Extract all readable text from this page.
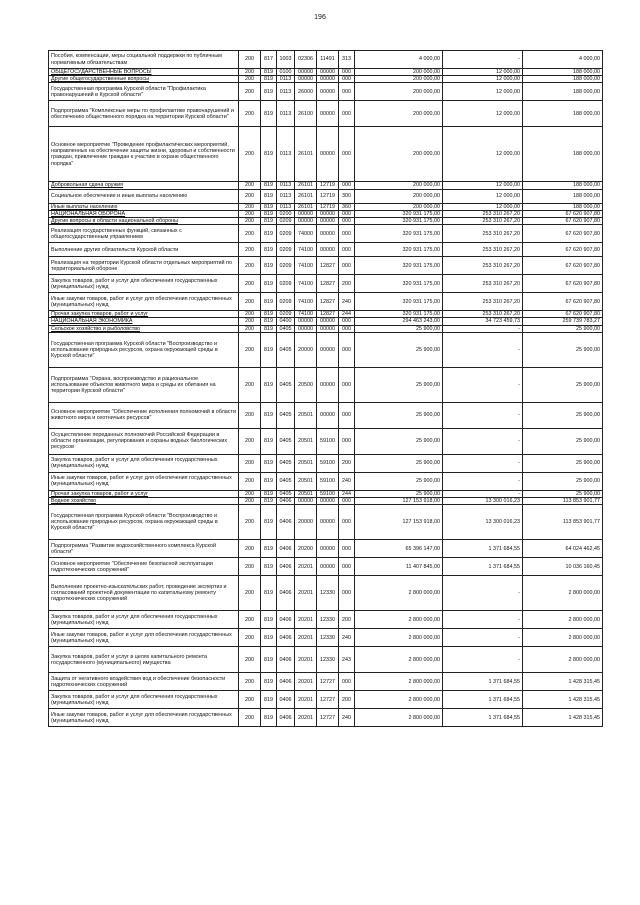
196
Пособия, компенсации, меры социальной поддержки по публичным нормативным обязательствам	200	817	1003	02306	11491	313	4 000,00	-	4 000,00
ОБЩЕГОСУДАРСТВЕННЫЕ ВОПРОСЫ	200	819	0100	00000	00000	000	200 000,00	12 000,00	188 000,00
Другие общегосударственные вопросы	200	819	0113	00000	00000	000	200 000,00	12 000,00	188 000,00
Государственная программа Курской области "Профилактика правонарушений в Курской области"	200	819	0113	26000	00000	000	200 000,00	12 000,00	188 000,00
Подпрограмма "Комплексные меры по профилактике правонарушений и обеспечению общественного порядка на территории Курской области"	200	819	0113	26100	00000	000	200 000,00	12 000,00	188 000,00
Основное мероприятие "Проведение профилактических мероприятий, направленных на обеспечение защиты жизни, здоровья и собственности граждан, привлечение граждан к участию в охране общественного порядка"	200	819	0113	26101	00000	000	200 000,00	12 000,00	188 000,00
Добровольная сдача оружия	200	819	0113	26101	12719	000	200 000,00	12 000,00	188 000,00
Социальное обеспечение и иные выплаты населению	200	819	0113	26101	12719	300	200 000,00	12 000,00	188 000,00
Иные выплаты населению	200	819	0113	26101	12719	360	200 000,00	12 000,00	188 000,00
НАЦИОНАЛЬНАЯ ОБОРОНА	200	819	0200	00000	00000	000	320 931 175,00	253 310 267,20	67 620 907,80
Другие вопросы в области национальной обороны	200	819	0209	00000	00000	000	320 931 175,00	253 310 267,20	67 620 907,80
Реализация государственных функций, связанных с общегосударственным управлением	200	819	0209	74000	00000	000	320 931 175,00	253 310 267,20	67 620 907,80
Выполнение других обязательств Курской области	200	819	0209	74100	00000	000	320 931 175,00	253 310 267,20	67 620 907,80
Реализация на территории Курской области отдельных мероприятий по территориальной обороне	200	819	0209	74100	12827	000	320 931 175,00	253 310 267,20	67 620 907,80
Закупка товаров, работ и услуг для обеспечения государственных (муниципальных) нужд	200	819	0209	74100	12827	200	320 931 175,00	253 310 267,20	67 620 907,80
Иные закупки товаров, работ и услуг для обеспечения государственных (муниципальных) нужд	200	819	0209	74100	12827	240	320 931 175,00	253 310 267,20	67 620 907,80
Прочая закупка товаров, работ и услуг	200	819	0209	74100	12827	244	320 931 175,00	253 310 267,20	67 620 907,80
НАЦИОНАЛЬНАЯ ЭКОНОМИКА	200	819	0400	00000	00000	000	294 463 243,00	34 723 459,73	259 739 783,27
Сельское хозяйство и рыболовство	200	819	0405	00000	00000	000	25 900,00	-	25 900,00
Государственная программа Курской области "Воспроизводство и использование природных ресурсов, охрана окружающей среды в Курской области"	200	819	0405	20000	00000	000	25 900,00	-	25 900,00
Подпрограмма "Охрана, воспроизводство и рациональное использование объектов животного мира и среды их обитания на территории Курской области"	200	819	0405	20500	00000	000	25 900,00	-	25 900,00
Основное мероприятие "Обеспечение исполнения полномочий в области животного мира и охотничьих ресурсов"	200	819	0405	20501	00000	000	25 900,00	-	25 900,00
Осуществление переданных полномочий Российской Федерации в области организации, регулирования и охраны водных биологических ресурсов	200	819	0405	20501	59100	000	25 900,00	-	25 900,00
Закупка товаров, работ и услуг для обеспечения государственных (муниципальных) нужд	200	819	0405	20501	59100	200	25 900,00	-	25 900,00
Иные закупки товаров, работ и услуг для обеспечения государственных (муниципальных) нужд	200	819	0405	20501	59100	240	25 900,00	-	25 900,00
Прочая закупка товаров, работ и услуг	200	819	0405	20501	59100	244	25 900,00	-	25 900,00
Водное хозяйство	200	819	0406	00000	00000	000	127 153 918,00	13 300 016,23	113 853 901,77
Государственная программа Курской области "Воспроизводство и использование природных ресурсов, охрана окружающей среды в Курской области"	200	819	0406	20000	00000	000	127 153 918,00	13 300 016,23	113 853 901,77
Подпрограмма "Развитие водохозяйственного комплекса Курской области"	200	819	0406	20200	00000	000	65 396 147,00	1 371 684,55	64 024 462,45
Основное мероприятие "Обеспечение безопасной эксплуатации гидротехнических сооружений"	200	819	0406	20201	00000	000	11 407 845,00	1 371 684,55	10 036 160,45
Выполнение проектно-изыскательских работ, проведение экспертиз и согласований проектной документации по капитальному ремонту гидротехнических сооружений	200	819	0406	20201	12330	000	2 800 000,00	-	2 800 000,00
Закупка товаров, работ и услуг для обеспечения государственных (муниципальных) нужд	200	819	0406	20201	12330	200	2 800 000,00	-	2 800 000,00
Иные закупки товаров, работ и услуг для обеспечения государственных (муниципальных) нужд	200	819	0406	20201	12330	240	2 800 000,00	-	2 800 000,00
Закупка товаров, работ и услуг в целях капитального ремонта государственного (муниципального) имущества	200	819	0406	20201	12330	243	2 800 000,00	-	2 800 000,00
Защита от негативного воздействия вод и обеспечение безопасности гидротехнических сооружений	200	819	0406	20201	12727	000	2 800 000,00	1 371 684,55	1 428 315,45
Закупка товаров, работ и услуг для обеспечения государственных (муниципальных) нужд	200	819	0406	20201	12727	200	2 800 000,00	1 371 684,55	1 428 315,45
Иные закупки товаров, работ и услуг для обеспечения государственных (муниципальных) нужд	200	819	0406	20201	12727	240	2 800 000,00	1 371 684,55	1 428 315,45
